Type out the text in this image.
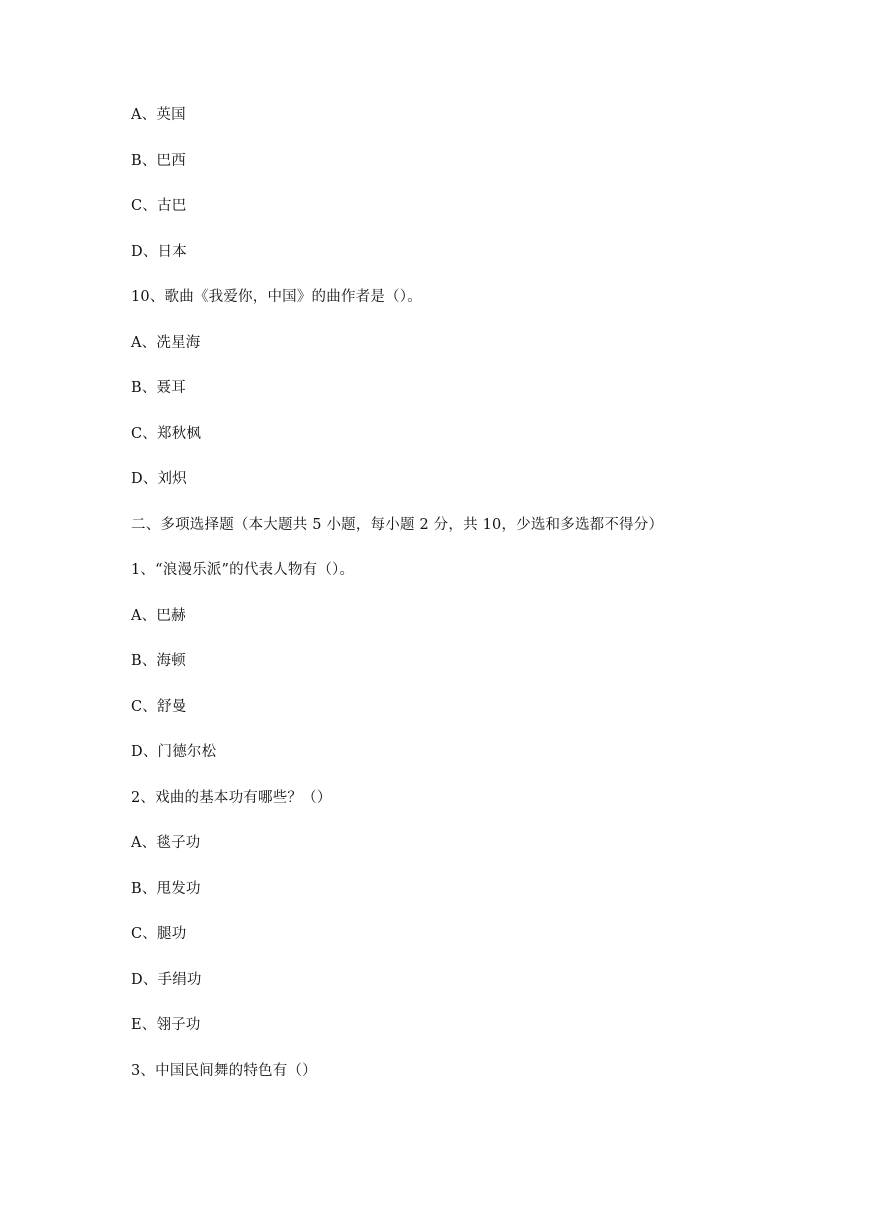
A、英国
B、巴西
C、古巴
D、日本
10、歌曲《我爱你，中国》的曲作者是（）。
A、冼星海
B、聂耳
C、郑秋枫
D、刘炽
二、多项选择题（本大题共 5 小题，每小题 2 分，共 10，少选和多选都不得分）
1、“浪漫乐派”的代表人物有（）。
A、巴赫
B、海顿
C、舒曼
D、门德尔松
2、戏曲的基本功有哪些？（）
A、毯子功
B、甩发功
C、腿功
D、手绢功
E、翎子功
3、中国民间舞的特色有（）
